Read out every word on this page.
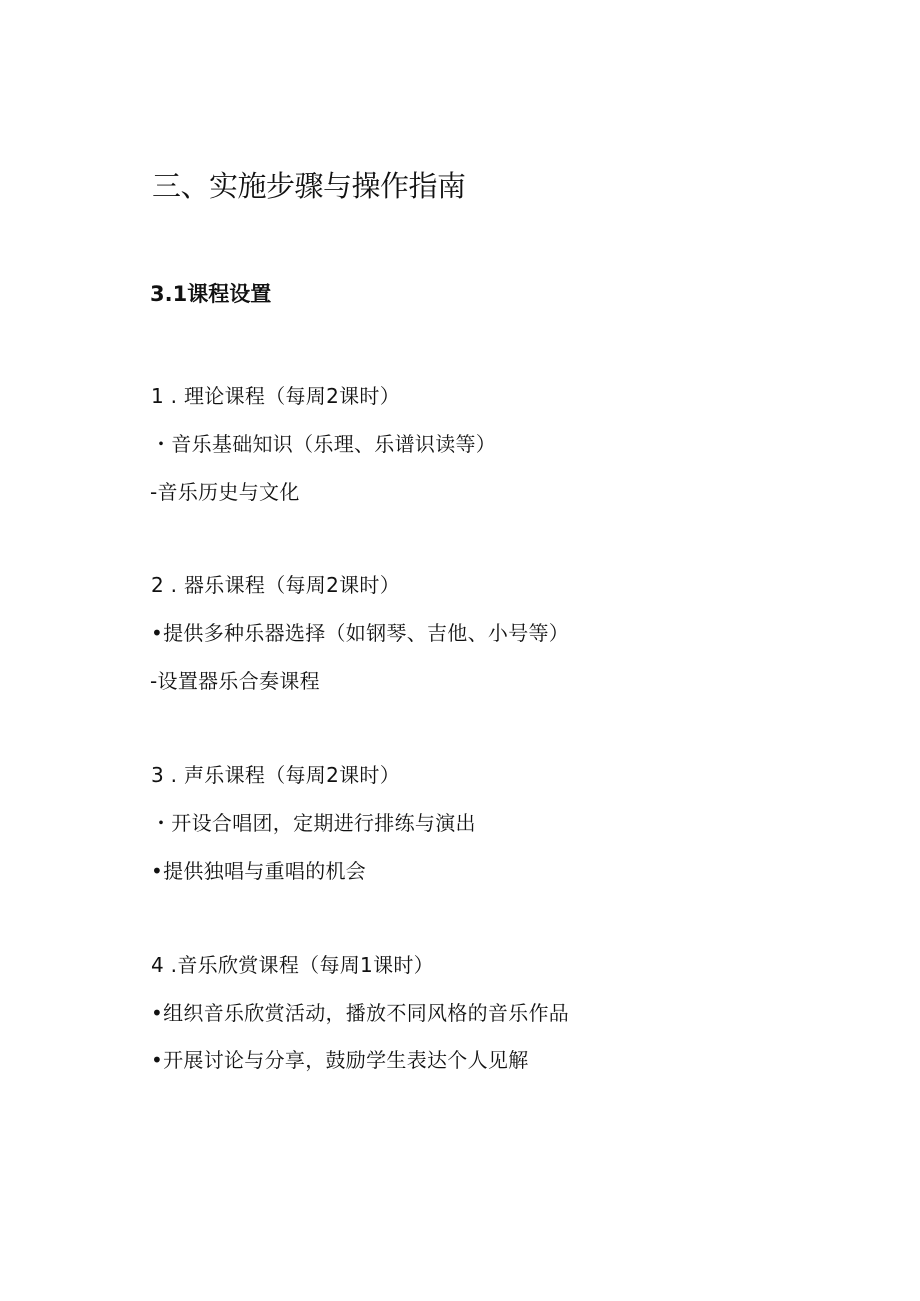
三、实施步骤与操作指南
3.1课程设置
1 . 理论课程（每周2课时）
・音乐基础知识（乐理、乐谱识读等）
-音乐历史与文化
2 . 器乐课程（每周2课时）
•提供多种乐器选择（如钢琴、吉他、小号等）
-设置器乐合奏课程
3 . 声乐课程（每周2课时）
・开设合唱团，定期进行排练与演出
•提供独唱与重唱的机会
4 .音乐欣赏课程（每周1课时）
•组织音乐欣赏活动，播放不同风格的音乐作品
•开展讨论与分享，鼓励学生表达个人见解
